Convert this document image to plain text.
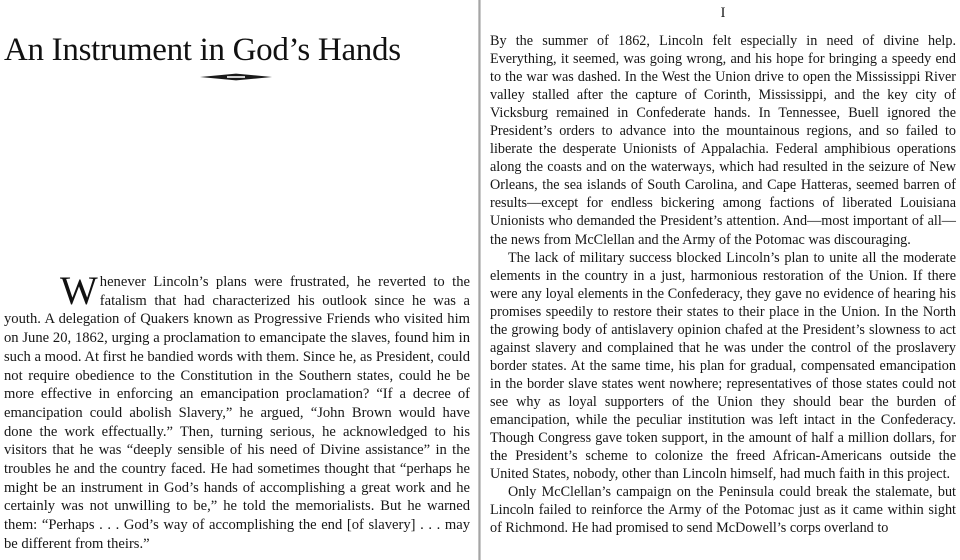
An Instrument in God’s Hands
W henever Lincoln’s plans were frustrated, he reverted to the fatalism that had characterized his outlook since he was a youth. A delegation of Quakers known as Progressive Friends who visited him on June 20, 1862, urging a proclamation to emancipate the slaves, found him in such a mood. At first he bandied words with them. Since he, as President, could not require obedience to the Constitution in the Southern states, could he be more effective in enforcing an emancipation proclamation? “If a decree of emancipation could abolish Slavery,” he argued, “John Brown would have done the work effectually.” Then, turning serious, he acknowledged to his visitors that he was “deeply sensible of his need of Divine assistance” in the troubles he and the country faced. He had sometimes thought that “perhaps he might be an instrument in God’s hands of accomplishing a great work and he certainly was not unwilling to be,” he told the memorialists. But he warned them: “Perhaps . . . God’s way of accomplishing the end [of slavery] . . . may be different from theirs.”

I

By the summer of 1862, Lincoln felt especially in need of divine help. Everything, it seemed, was going wrong, and his hope for bringing a speedy end to the war was dashed. In the West the Union drive to open the Mississippi River valley stalled after the capture of Corinth, Mississippi, and the key city of Vicksburg remained in Confederate hands. In Tennessee, Buell ignored the President’s orders to advance into the mountainous regions, and so failed to liberate the desperate Unionists of Appalachia. Federal amphibious operations along the coasts and on the waterways, which had resulted in the seizure of New Orleans, the sea islands of South Carolina, and Cape Hatteras, seemed barren of results—except for endless bickering among factions of liberated Louisiana Unionists who demanded the President’s attention. And—most important of all—the news from McClellan and the Army of the Potomac was discouraging.

The lack of military success blocked Lincoln’s plan to unite all the moderate elements in the country in a just, harmonious restoration of the Union. If there were any loyal elements in the Confederacy, they gave no evidence of hearing his promises speedily to restore their states to their place in the Union. In the North the growing body of antislavery opinion chafed at the President’s slowness to act against slavery and complained that he was under the control of the proslavery border states. At the same time, his plan for gradual, compensated emancipation in the border slave states went nowhere; representatives of those states could not see why as loyal supporters of the Union they should bear the burden of emancipation, while the peculiar institution was left intact in the Confederacy. Though Congress gave token support, in the amount of half a million dollars, for the President’s scheme to colonize the freed African-Americans outside the United States, nobody, other than Lincoln himself, had much faith in this project.

Only McClellan’s campaign on the Peninsula could break the stalemate, but Lincoln failed to reinforce the Army of the Potomac just as it came within sight of Richmond. He had promised to send McDowell’s corps overland to
